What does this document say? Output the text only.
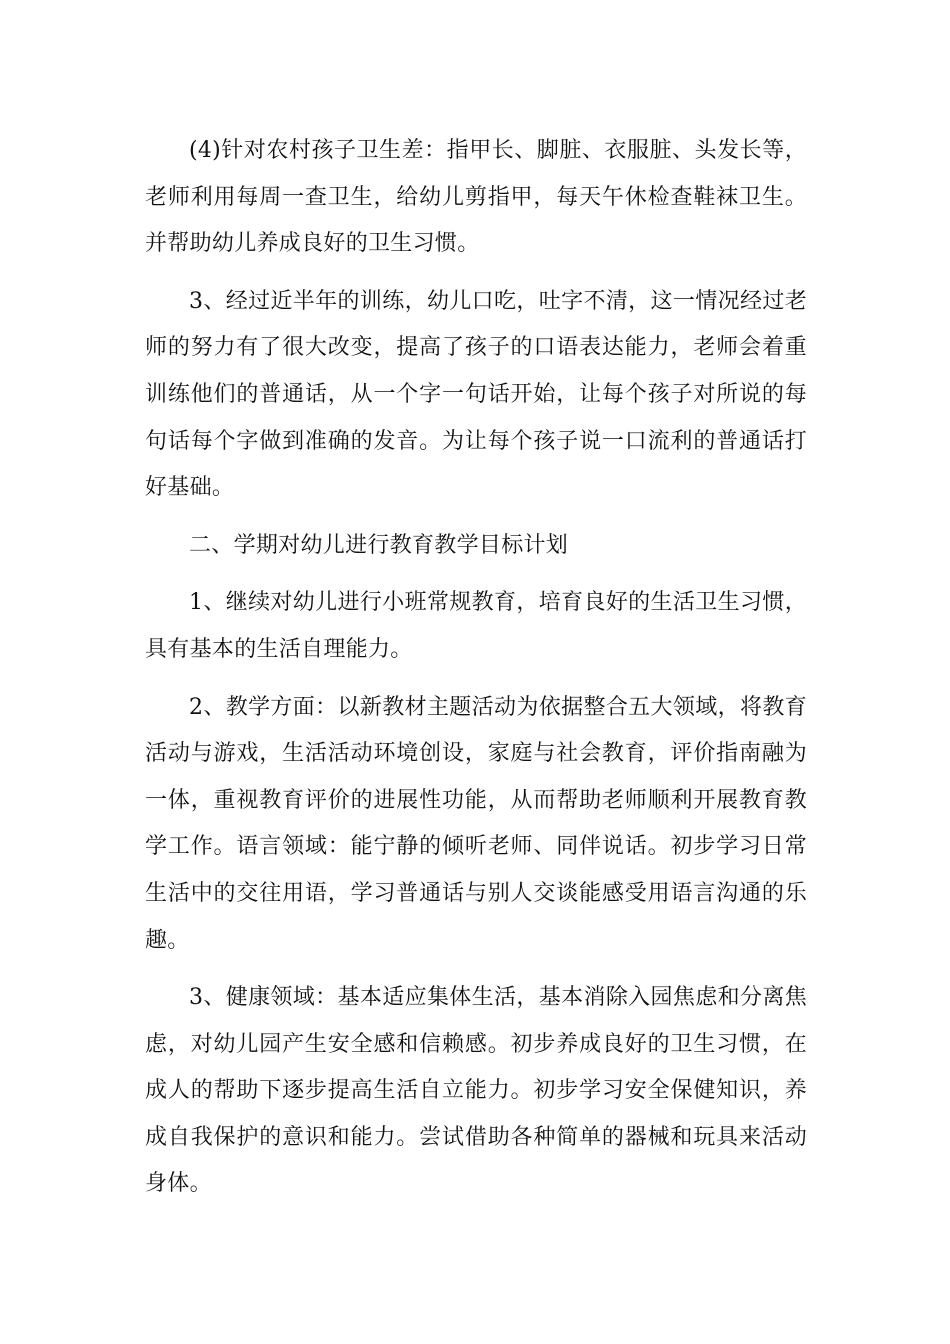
(4)针对农村孩子卫生差：指甲长、脚脏、衣服脏、头发长等，老师利用每周一查卫生，给幼儿剪指甲，每天午休检查鞋袜卫生。并帮助幼儿养成良好的卫生习惯。

3、经过近半年的训练，幼儿口吃，吐字不清，这一情况经过老师的努力有了很大改变，提高了孩子的口语表达能力，老师会着重训练他们的普通话，从一个字一句话开始，让每个孩子对所说的每句话每个字做到准确的发音。为让每个孩子说一口流利的普通话打好基础。

二、学期对幼儿进行教育教学目标计划

1、继续对幼儿进行小班常规教育，培育良好的生活卫生习惯，具有基本的生活自理能力。

2、教学方面：以新教材主题活动为依据整合五大领域，将教育活动与游戏，生活活动环境创设，家庭与社会教育，评价指南融为一体，重视教育评价的进展性功能，从而帮助老师顺利开展教育教学工作。语言领域：能宁静的倾听老师、同伴说话。初步学习日常生活中的交往用语，学习普通话与别人交谈能感受用语言沟通的乐趣。

3、健康领域：基本适应集体生活，基本消除入园焦虑和分离焦虑，对幼儿园产生安全感和信赖感。初步养成良好的卫生习惯，在成人的帮助下逐步提高生活自立能力。初步学习安全保健知识，养成自我保护的意识和能力。尝试借助各种简单的器械和玩具来活动身体。
